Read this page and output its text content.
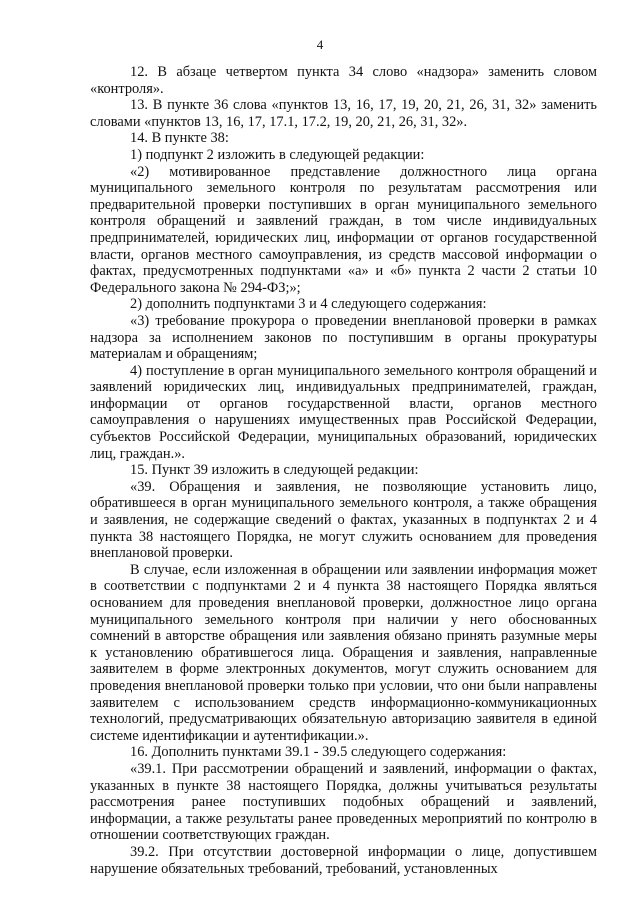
4

12. В абзаце четвертом пункта 34 слово «надзора» заменить словом «контроля».

13. В пункте 36 слова «пунктов 13, 16, 17, 19, 20, 21, 26, 31, 32» заменить словами «пунктов 13, 16, 17, 17.1, 17.2, 19, 20, 21, 26, 31, 32».

14. В пункте 38:

1) подпункт 2 изложить в следующей редакции:

«2) мотивированное представление должностного лица органа муниципального земельного контроля по результатам рассмотрения или предварительной проверки поступивших в орган муниципального земельного контроля обращений и заявлений граждан, в том числе индивидуальных предпринимателей, юридических лиц, информации от органов государственной власти, органов местного самоуправления, из средств массовой информации о фактах, предусмотренных подпунктами «а» и «б» пункта 2 части 2 статьи 10 Федерального закона № 294-ФЗ;»;

2) дополнить подпунктами 3 и 4 следующего содержания:

«3) требование прокурора о проведении внеплановой проверки в рамках надзора за исполнением законов по поступившим в органы прокуратуры материалам и обращениям;

4) поступление в орган муниципального земельного контроля обращений и заявлений юридических лиц, индивидуальных предпринимателей, граждан, информации от органов государственной власти, органов местного самоуправления о нарушениях имущественных прав Российской Федерации, субъектов Российской Федерации, муниципальных образований, юридических лиц, граждан.».

15. Пункт 39 изложить в следующей редакции:

«39. Обращения и заявления, не позволяющие установить лицо, обратившееся в орган муниципального земельного контроля, а также обращения и заявления, не содержащие сведений о фактах, указанных в подпунктах 2 и 4 пункта 38 настоящего Порядка, не могут служить основанием для проведения внеплановой проверки.

В случае, если изложенная в обращении или заявлении информация может в соответствии с подпунктами 2 и 4 пункта 38 настоящего Порядка являться основанием для проведения внеплановой проверки, должностное лицо органа муниципального земельного контроля при наличии у него обоснованных сомнений в авторстве обращения или заявления обязано принять разумные меры к установлению обратившегося лица. Обращения и заявления, направленные заявителем в форме электронных документов, могут служить основанием для проведения внеплановой проверки только при условии, что они были направлены заявителем с использованием средств информационно-коммуникационных технологий, предусматривающих обязательную авторизацию заявителя в единой системе идентификации и аутентификации.».

16. Дополнить пунктами 39.1 - 39.5 следующего содержания:

«39.1. При рассмотрении обращений и заявлений, информации о фактах, указанных в пункте 38 настоящего Порядка, должны учитываться результаты рассмотрения ранее поступивших подобных обращений и заявлений, информации, а также результаты ранее проведенных мероприятий по контролю в отношении соответствующих граждан.

39.2. При отсутствии достоверной информации о лице, допустившем нарушение обязательных требований, требований, установленных
